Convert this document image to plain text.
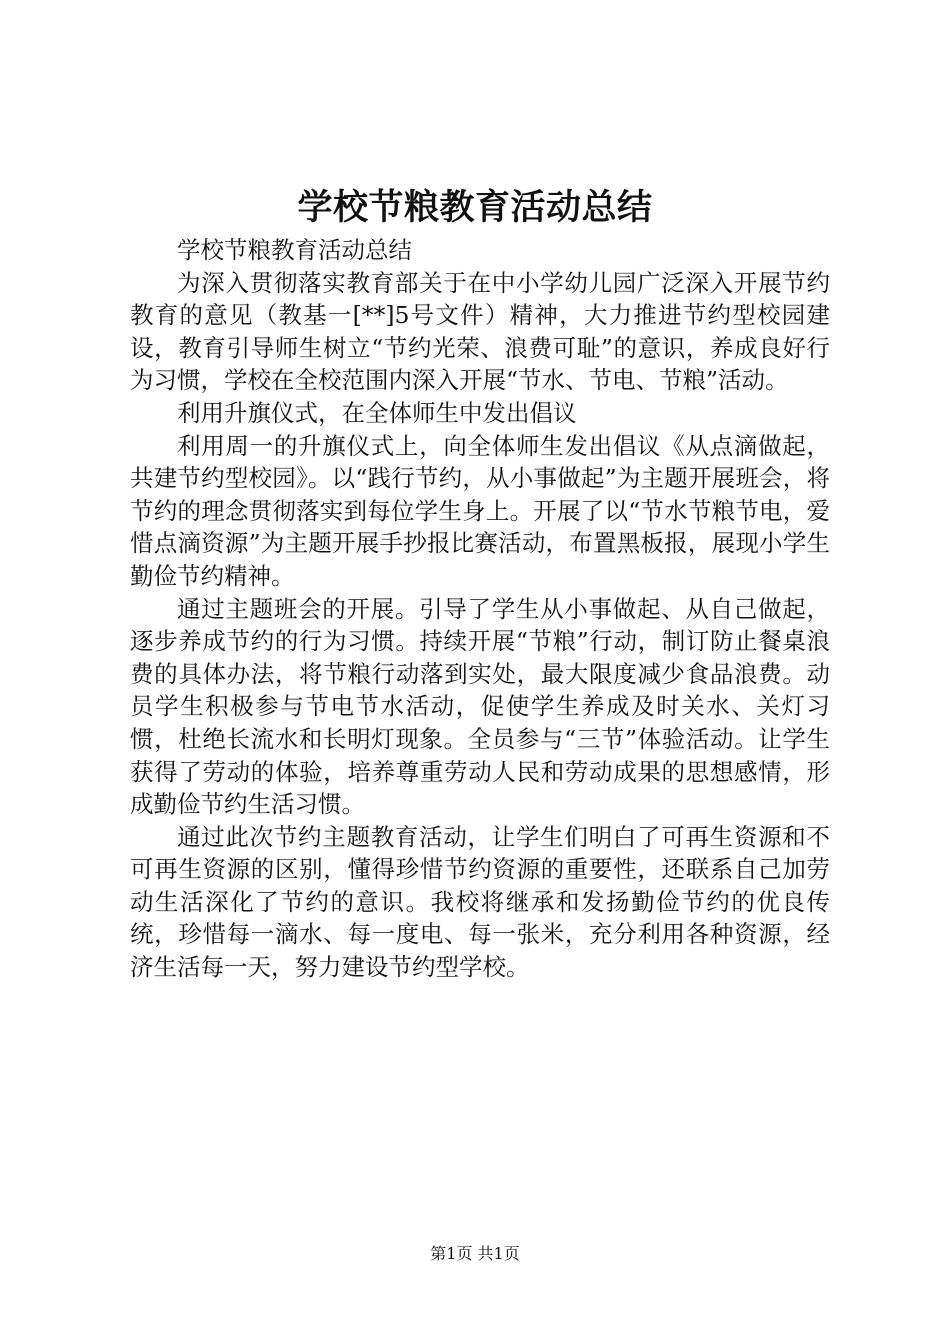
学校节粮教育活动总结

学校节粮教育活动总结

为深入贯彻落实教育部关于在中小学幼儿园广泛深入开展节约教育的意见（教基一[**]5号文件）精神，大力推进节约型校园建设，教育引导师生树立“节约光荣、浪费可耻”的意识，养成良好行为习惯，学校在全校范围内深入开展“节水、节电、节粮”活动。

利用升旗仪式，在全体师生中发出倡议

利用周一的升旗仪式上，向全体师生发出倡议《从点滴做起，共建节约型校园》。以“践行节约，从小事做起”为主题开展班会，将节约的理念贯彻落实到每位学生身上。开展了以“节水节粮节电，爱惜点滴资源”为主题开展手抄报比赛活动，布置黑板报，展现小学生勤俭节约精神。

通过主题班会的开展。引导了学生从小事做起、从自己做起，逐步养成节约的行为习惯。持续开展“节粮”行动，制订防止餐桌浪费的具体办法，将节粮行动落到实处，最大限度减少食品浪费。动员学生积极参与节电节水活动，促使学生养成及时关水、关灯习惯，杜绝长流水和长明灯现象。全员参与“三节”体验活动。让学生获得了劳动的体验，培养尊重劳动人民和劳动成果的思想感情，形成勤俭节约生活习惯。

通过此次节约主题教育活动，让学生们明白了可再生资源和不可再生资源的区别，懂得珍惜节约资源的重要性，还联系自己加劳动生活深化了节约的意识。我校将继承和发扬勤俭节约的优良传统，珍惜每一滴水、每一度电、每一张米，充分利用各种资源，经济生活每一天，努力建设节约型学校。

第1页 共1页
